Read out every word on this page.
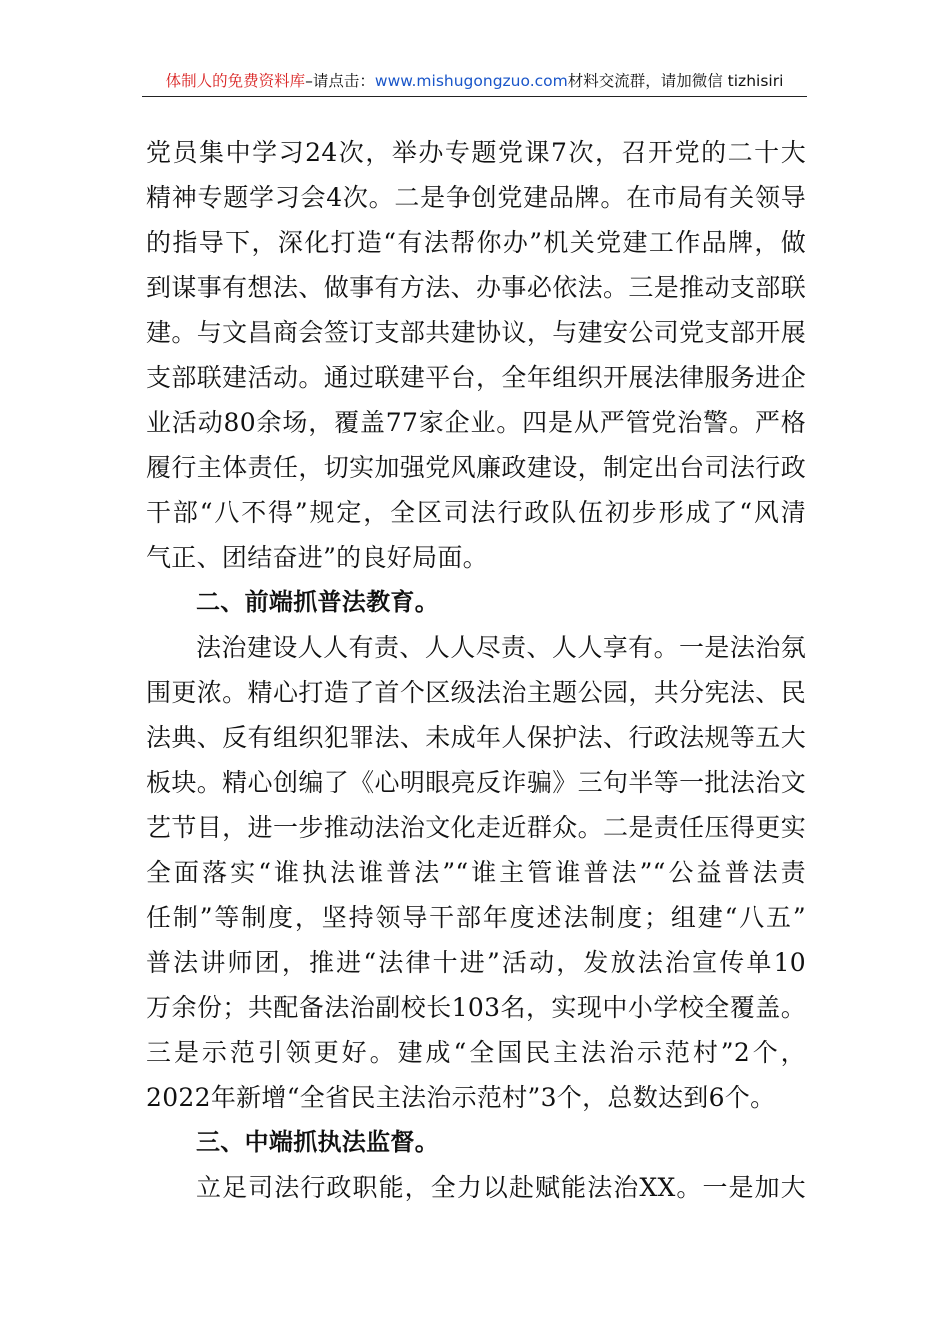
体制人的免费资料库–请点击：www.mishugongzuo.com材料交流群，请加微信 tizhisiri
党员集中学习24次，举办专题党课7次，召开党的二十大
精神专题学习会4次。二是争创党建品牌。在市局有关领导
的指导下，深化打造“有法帮你办”机关党建工作品牌，做
到谋事有想法、做事有方法、办事必依法。三是推动支部联
建。与文昌商会签订支部共建协议，与建安公司党支部开展
支部联建活动。通过联建平台，全年组织开展法律服务进企
业活动80余场，覆盖77家企业。四是从严管党治警。严格
履行主体责任，切实加强党风廉政建设，制定出台司法行政
干部“八不得”规定，全区司法行政队伍初步形成了“风清
气正、团结奋进”的良好局面。
二、前端抓普法教育。
法治建设人人有责、人人尽责、人人享有。一是法治氛
围更浓。精心打造了首个区级法治主题公园，共分宪法、民
法典、反有组织犯罪法、未成年人保护法、行政法规等五大
板块。精心创编了《心明眼亮反诈骗》三句半等一批法治文
艺节目，进一步推动法治文化走近群众。二是责任压得更实
全面落实“谁执法谁普法”“谁主管谁普法”“公益普法责
任制”等制度，坚持领导干部年度述法制度；组建“八五”
普法讲师团，推进“法律十进”活动，发放法治宣传单10
万余份；共配备法治副校长103名，实现中小学校全覆盖。
三是示范引领更好。建成“全国民主法治示范村”2个，
2022年新增“全省民主法治示范村”3个，总数达到6个。
三、中端抓执法监督。
立足司法行政职能，全力以赴赋能法治XX。一是加大
